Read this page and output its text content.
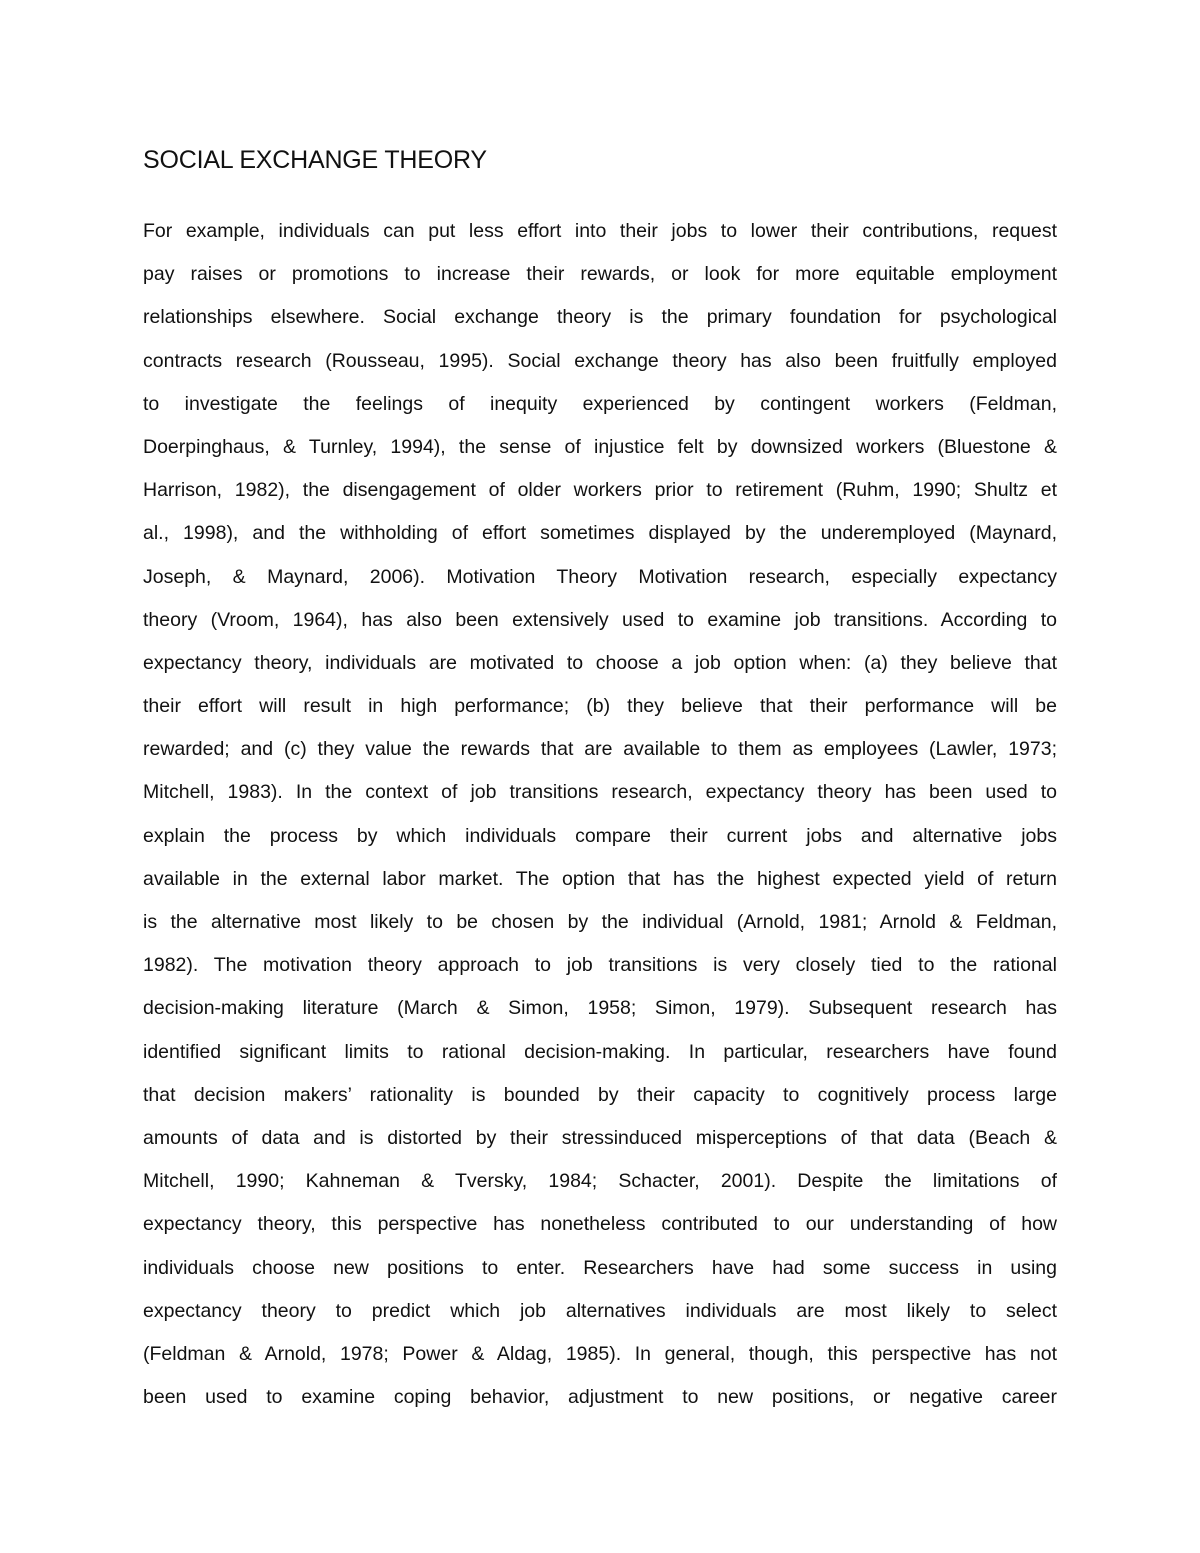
SOCIAL EXCHANGE THEORY
For example, individuals can put less effort into their jobs to lower their contributions, request
pay raises or promotions to increase their rewards, or look for more equitable employment
relationships elsewhere. Social exchange theory is the primary foundation for psychological
contracts research (Rousseau, 1995). Social exchange theory has also been fruitfully employed
to investigate the feelings of inequity experienced by contingent workers (Feldman,
Doerpinghaus, & Turnley, 1994), the sense of injustice felt by downsized workers (Bluestone &
Harrison, 1982), the disengagement of older workers prior to retirement (Ruhm, 1990; Shultz et
al., 1998), and the withholding of effort sometimes displayed by the underemployed (Maynard,
Joseph, & Maynard, 2006). Motivation Theory Motivation research, especially expectancy
theory (Vroom, 1964), has also been extensively used to examine job transitions. According to
expectancy theory, individuals are motivated to choose a job option when: (a) they believe that
their effort will result in high performance; (b) they believe that their performance will be
rewarded; and (c) they value the rewards that are available to them as employees (Lawler, 1973;
Mitchell, 1983). In the context of job transitions research, expectancy theory has been used to
explain the process by which individuals compare their current jobs and alternative jobs
available in the external labor market. The option that has the highest expected yield of return
is the alternative most likely to be chosen by the individual (Arnold, 1981; Arnold & Feldman,
1982). The motivation theory approach to job transitions is very closely tied to the rational
decision-making literature (March & Simon, 1958; Simon, 1979). Subsequent research has
identified significant limits to rational decision-making. In particular, researchers have found
that decision makers’ rationality is bounded by their capacity to cognitively process large
amounts of data and is distorted by their stressinduced misperceptions of that data (Beach &
Mitchell, 1990; Kahneman & Tversky, 1984; Schacter, 2001). Despite the limitations of
expectancy theory, this perspective has nonetheless contributed to our understanding of how
individuals choose new positions to enter. Researchers have had some success in using
expectancy theory to predict which job alternatives individuals are most likely to select
(Feldman & Arnold, 1978; Power & Aldag, 1985). In general, though, this perspective has not
been used to examine coping behavior, adjustment to new positions, or negative career
